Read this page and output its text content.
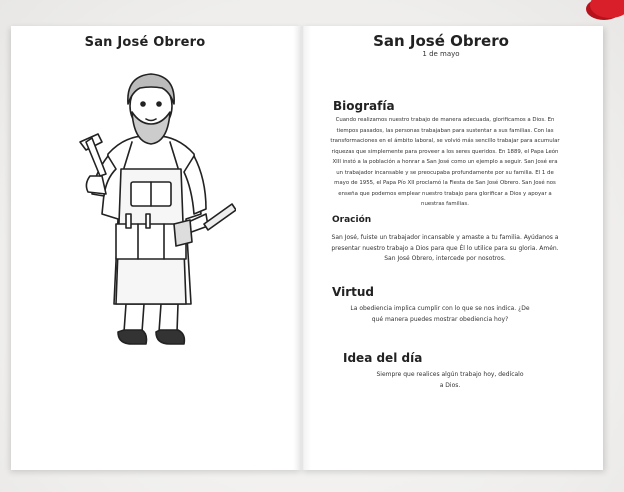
San José Obrero	San José Obrero
1 de mayo
Biografía
Cuando realizamos nuestro trabajo de manera adecuada, glorificamos a Dios. En tiempos pasados, las personas trabajaban para sustentar a sus familias. Con las transformaciones en el ámbito laboral, se volvió más sencillo trabajar para acumular riquezas que simplemente para proveer a los seres queridos. En 1889, el Papa León XIII instó a la población a honrar a San José como un ejemplo a seguir. San José era un trabajador incansable y se preocupaba profundamente por su familia. El 1 de mayo de 1955, el Papa Pío XII proclamó la Fiesta de San José Obrero. San José nos enseña que podemos emplear nuestro trabajo para glorificar a Dios y apoyar a nuestras familias.
Oración
San José, fuiste un trabajador incansable y amaste a tu familia. Ayúdanos a presentar nuestro trabajo a Dios para que Él lo utilice para su gloria. Amén. San José Obrero, intercede por nosotros.
Virtud
La obediencia implica cumplir con lo que se nos indica. ¿De qué manera puedes mostrar obediencia hoy?
Idea del día
Siempre que realices algún trabajo hoy, dedícalo a Dios.
